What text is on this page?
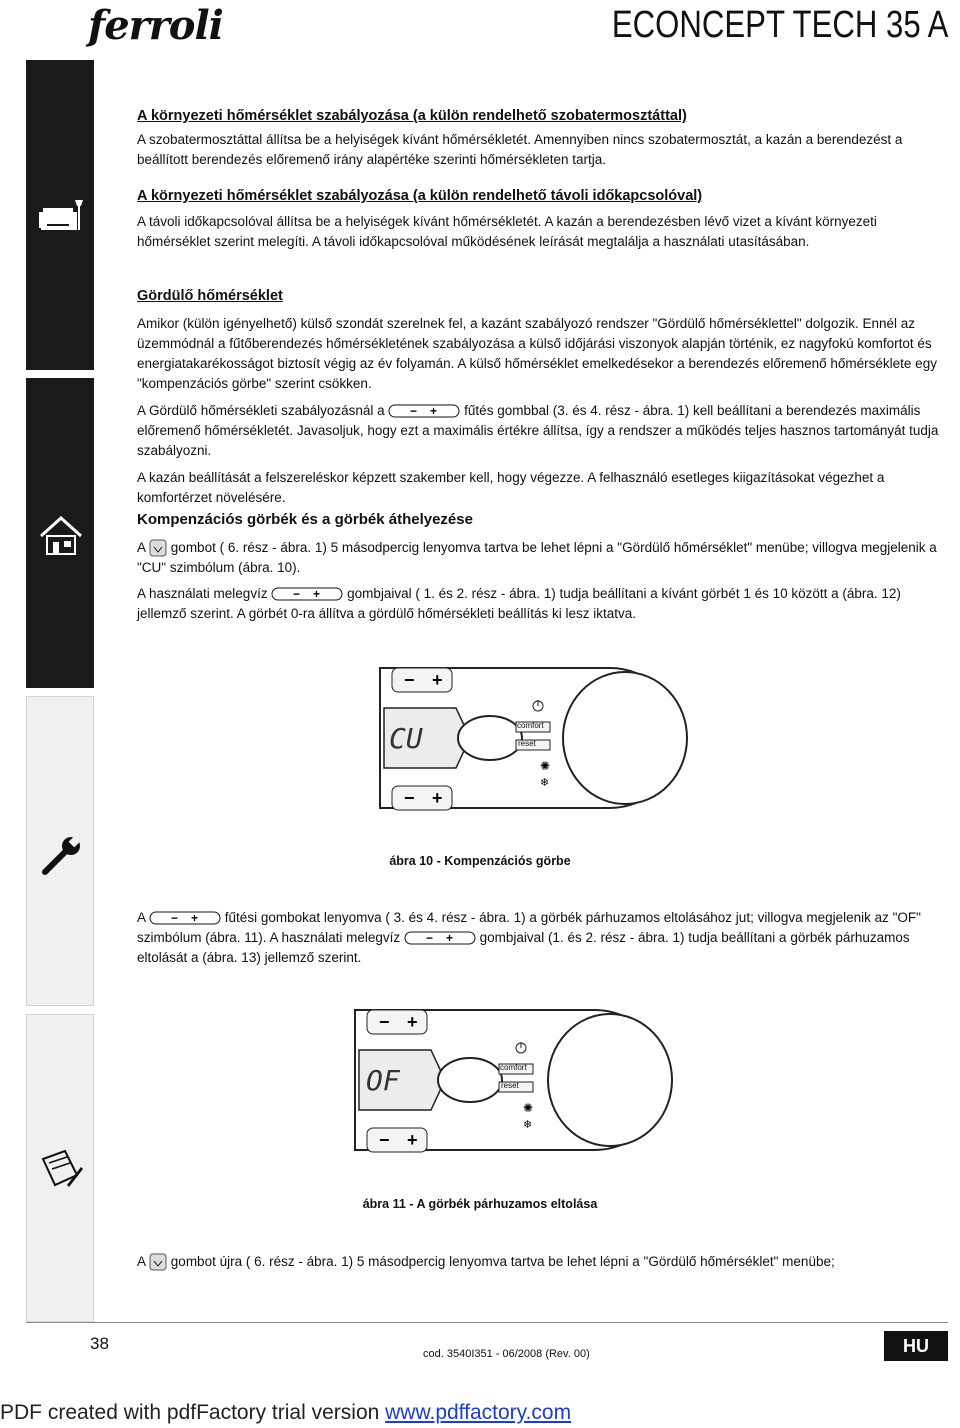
ferroli	ECONCEPT TECH 35 A

A környezeti hőmérséklet szabályozása (a külön rendelhető szobatermosztáttal)

A szobatermosztáttal állítsa be a helyiségek kívánt hőmérsékletét. Amennyiben nincs szobatermosztát, a kazán a berendezést a beállított berendezés előremenő irány alapértéke szerinti hőmérsékleten tartja.

A környezeti hőmérséklet szabályozása (a külön rendelhető távoli időkapcsolóval)

A távoli időkapcsolóval állítsa be a helyiségek kívánt hőmérsékletét. A kazán a berendezésben lévő vizet a kívánt környezeti hőmérséklet szerint melegíti. A távoli időkapcsolóval működésének leírását megtalálja a használati utasításában.

Gördülő hőmérséklet

Amikor (külön igényelhető) külső szondát szerelnek fel, a kazánt szabályozó rendszer "Gördülő hőmérséklettel" dolgozik. Ennél az üzemmódnál a fűtőberendezés hőmérsékletének szabályozása a külső időjárási viszonyok alapján történik, ez nagyfokú komfortot és energiatakarékosságot biztosít végig az év folyamán. A külső hőmérséklet emelkedésekor a berendezés előremenő hőmérséklete egy "kompenzációs görbe" szerint csökken.

A Gördülő hőmérsékleti szabályozásnál a − + fűtés gombbal (3. és 4. rész - ábra. 1) kell beállítani a berendezés maximális előremenő hőmérsékletét. Javasoljuk, hogy ezt a maximális értékre állítsa, így a rendszer a működés teljes hasznos tartományát tudja szabályozni.

A kazán beállítását a felszereléskor képzett szakember kell, hogy végezze. A felhasználó esetleges kiigazításokat végezhet a komfortérzet növelésére.

Kompenzációs görbék és a görbék áthelyezése

A gombot ( 6. rész - ábra. 1) 5 másodpercig lenyomva tartva be lehet lépni a "Gördülő hőmérséklet" menübe; villogva megjelenik a "CU" szimbólum (ábra. 10).

A használati melegvíz − + gombjaival ( 1. és 2. rész - ábra. 1) tudja beállítani a kívánt görbét 1 és 10 között a (ábra. 12) jellemző szerint. A görbét 0-ra állítva a gördülő hőmérsékleti beállítás ki lesz iktatva.

− +
− +
✺
❄
CU	comfort
reset
ábra 10 - Kompenzációs görbe

A − + fűtési gombokat lenyomva ( 3. és 4. rész - ábra. 1) a görbék párhuzamos eltolásához jut; villogva megjelenik az "OF" szimbólum (ábra. 11). A használati melegvíz − + gombjaival (1. és 2. rész - ábra. 1) tudja beállítani a görbék párhuzamos eltolását a (ábra. 13) jellemző szerint.

− +
− +
✺
❄
OF	comfort
reset
ábra 11 - A görbék párhuzamos eltolása

A gombot újra ( 6. rész - ábra. 1) 5 másodpercig lenyomva tartva be lehet lépni a "Gördülő hőmérséklet" menübe;

38
cod. 3540I351 - 06/2008 (Rev. 00)	HU
PDF created with pdfFactory trial version www.pdffactory.com
